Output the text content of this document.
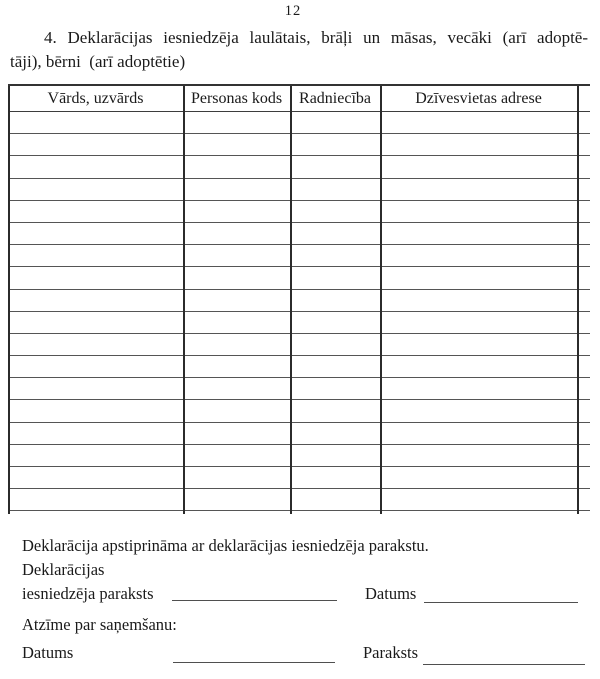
12
4. Deklarācijas iesniedzēja laulātais, brāļi un māsas, vecāki (arī adoptē-
tāji), bērni  (arī adoptētie)
Vārds, uzvārds	Personas kods	Radniecība	Dzīvesvietas adrese
Deklarācija apstiprināma ar deklarācijas iesniedzēja parakstu.
Deklarācijas
iesniedzēja paraksts	Datums
Atzīme par saņemšanu:
Datums	Paraksts
